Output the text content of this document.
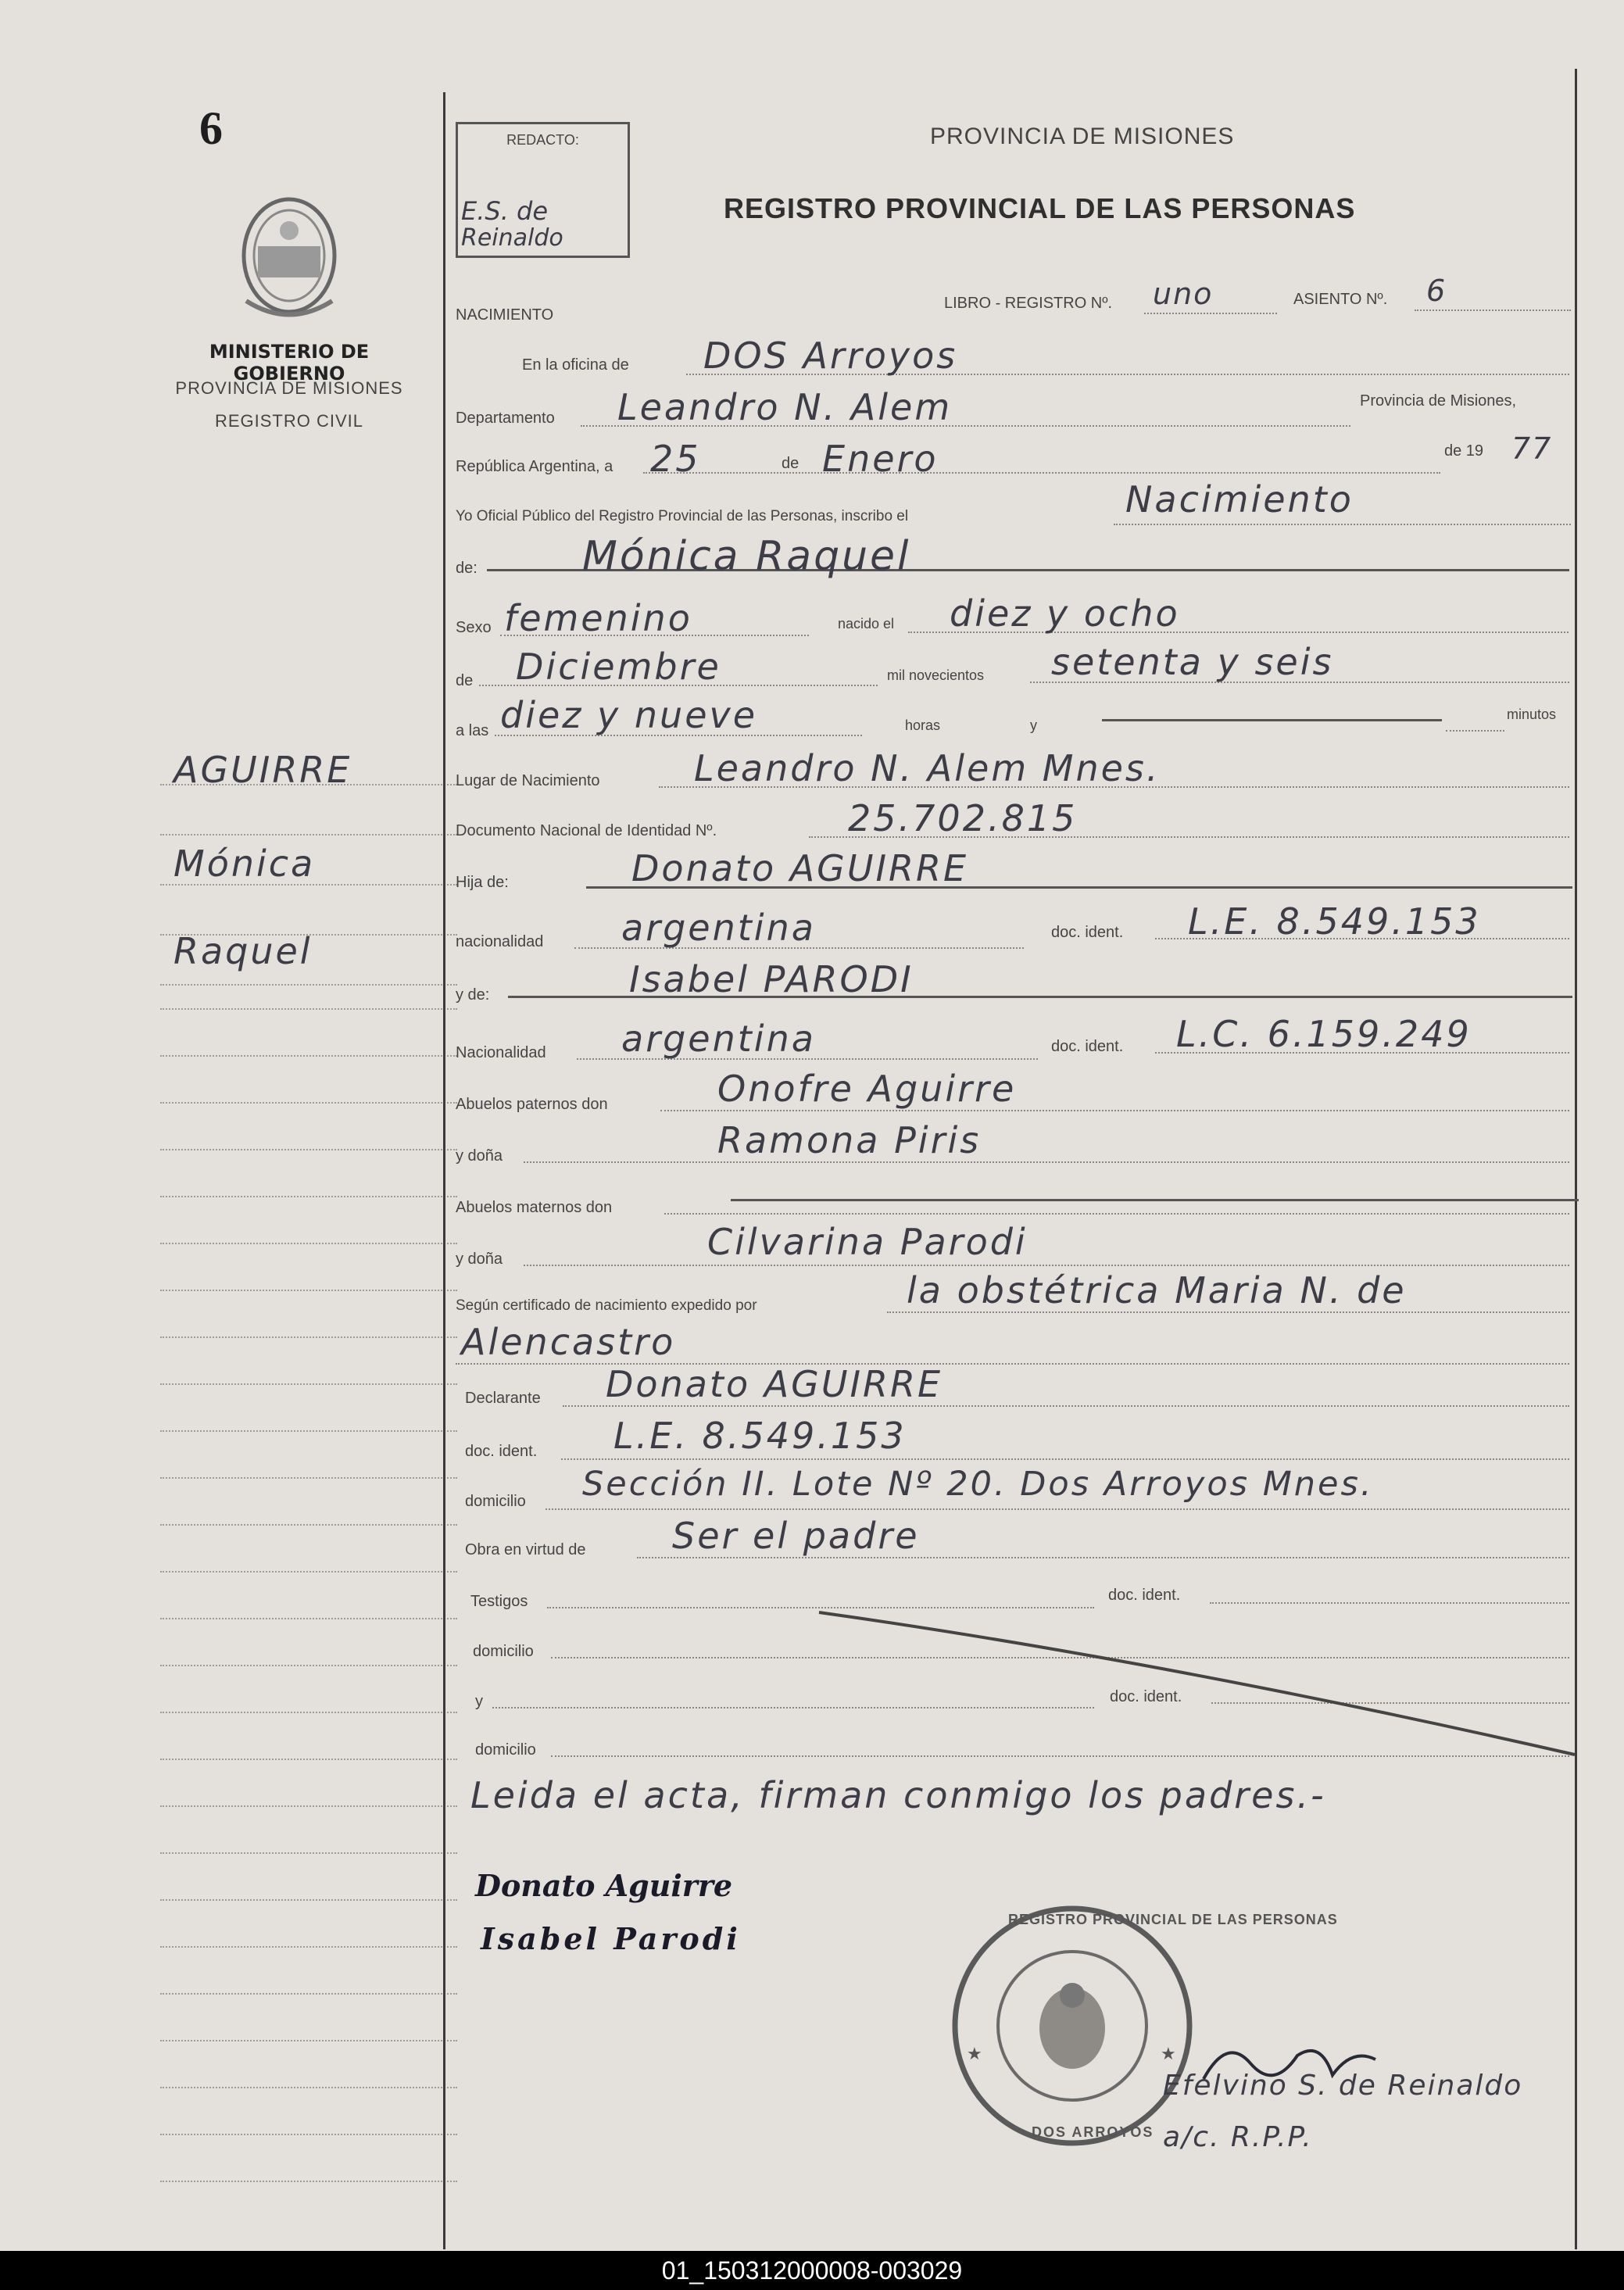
6
MINISTERIO DE GOBIERNO
PROVINCIA DE MISIONES
REGISTRO CIVIL
AGUIRRE
Mónica
Raquel
REDACTO:
E.S. de
Reinaldo
PROVINCIA DE MISIONES
REGISTRO PROVINCIAL DE LAS PERSONAS
NACIMIENTO
LIBRO - REGISTRO Nº. uno	ASIENTO Nº. 6
En la oficina de DOS Arroyos
Departamento Leandro N. Alem	Provincia de Misiones,
República Argentina, a 25	de Enero	de 19 77
Yo Oficial Público del Registro Provincial de las Personas, inscribo el	Nacimiento
de:	Mónica Raquel
Sexo femenino	nacido el diez y ocho
de Diciembre	mil novecientos setenta y seis
a las diez y nueve	horas	y
minutos
Lugar de Nacimiento	Leandro N. Alem Mnes.
Documento Nacional de Identidad Nº.	25.702.815
Hija de:	Donato AGUIRRE
nacionalidad argentina	doc. ident. L.E. 8.549.153
y de:	Isabel PARODI
Nacionalidad argentina	doc. ident. L.C. 6.159.249
Abuelos paternos don	Onofre Aguirre
y doña	Ramona Piris
Abuelos maternos don
y doña	Cilvarina Parodi
Según certificado de nacimiento expedido por	la obstétrica Maria N. de
Alencastro
Declarante Donato AGUIRRE
doc. ident. L.E. 8.549.153
domicilio Sección II. Lote Nº 20. Dos Arroyos Mnes.
Obra en virtud de Ser el padre
Testigos	doc. ident.
domicilio
y	doc. ident.
domicilio
Leida el acta, firman conmigo los padres.-
Donato Aguirre
Isabel Parodi
★	★
REGISTRO PROVINCIAL DE LAS PERSONAS
DOS ARROYOS
Efelvino S. de Reinaldo
a/c. R.P.P.
01_150312000008-003029
